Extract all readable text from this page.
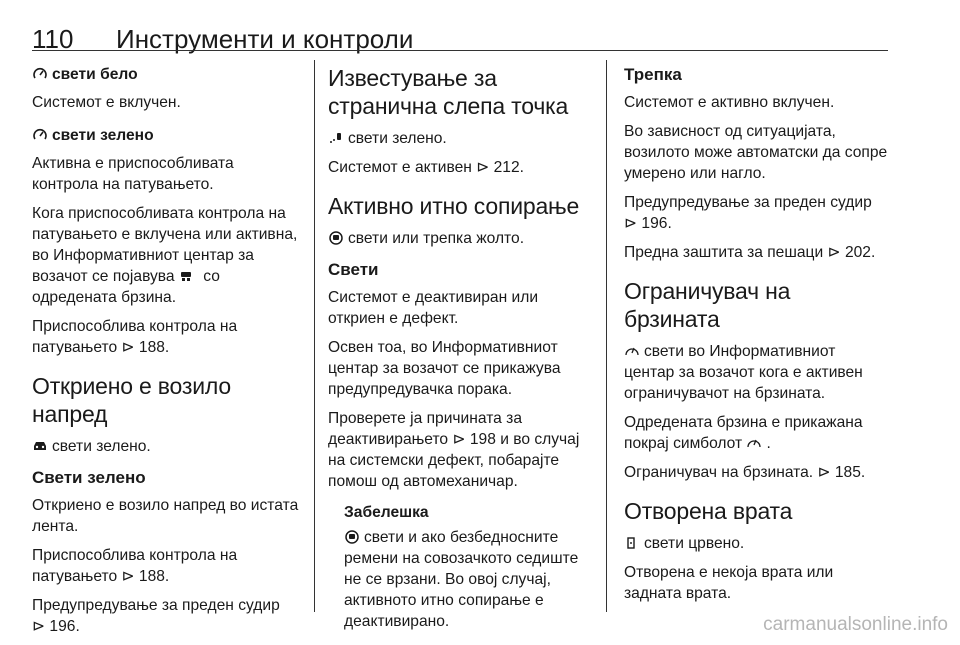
110 Инструменти и контроли
свети бело

Системот е вклучен.

свети зелено

Активна е приспособливата контрола на патувањето.

Кога приспособливата контрола на патувањето е вклучена или активна, во Информативниот центар за возачот се појавува
со одредената брзина.

Приспособлива контрола на патувањето ⊳ 188.

Откриено е возило напред

свети зелено.

Свети зелено

Откриено е возило напред во истата лента.

Приспособлива контрола на патувањето ⊳ 188.

Предупредување за преден судир
⊳ 196.

Известување за странична слепа точка

свети зелено.

Системот е активен ⊳ 212.

Активно итно сопирање

свети или трепка жолто.

Свети

Системот е деактивиран или откриен е дефект.

Освен тоа, во Информативниот центар за возачот се прикажува предупредувачка порака.

Проверете ја причината за деактивирањето ⊳ 198 и во случај на системски дефект, побарајте помош од автомеханичар.

Забелешка

свети и ако безбедносните ремени на совозачкото седиште не се врзани. Во овој случај, активното итно сопирање е деактивирано.

Трепка

Системот е активно вклучен.

Во зависност од ситуацијата, возилото може автоматски да сопре умерено или нагло.

Предупредување за преден судир
⊳ 196.

Предна заштита за пешаци ⊳ 202.

Ограничувач на брзината

свети во Информативниот центар за возачот кога е активен ограничувачот на брзината.

Одредената брзина е прикажана покрај симболот
.

Ограничувач на брзината. ⊳ 185.

Отворена врата

свети црвено.

Отворена е некоја врата или задната врата.

carmanualsonline.info
